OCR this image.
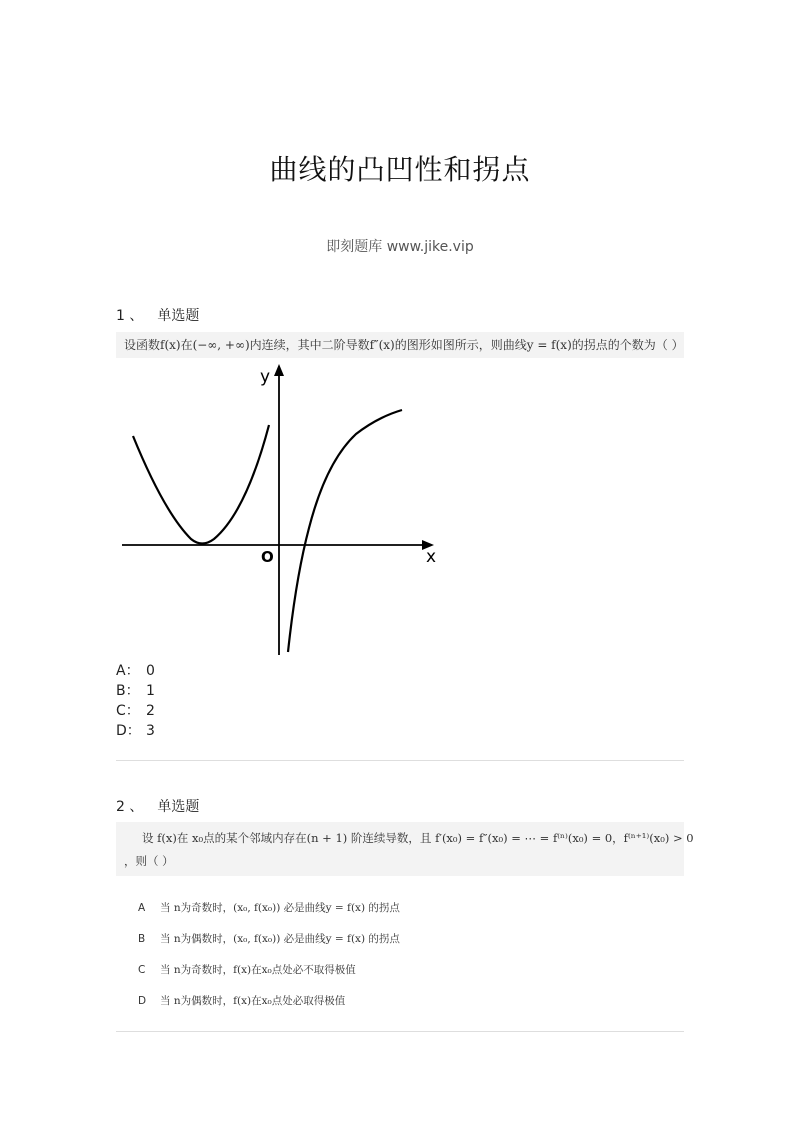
曲线的凸凹性和拐点
即刻题库 www.jike.vip
1 、 单选题
设函数f(x)在(−∞, +∞)内连续，其中二阶导数f″(x)的图形如图所示，则曲线y = f(x)的拐点的个数为（ ）
y
x
O
A： 0
B： 1
C： 2
D： 3
2 、 单选题
设 f(x)在 x₀点的某个邻域内存在(n + 1) 阶连续导数，且 f′(x₀) = f″(x₀) = ⋯ = f⁽ⁿ⁾(x₀) = 0，f⁽ⁿ⁺¹⁾(x₀) > 0
，则（ ）
A 当 n为奇数时，(x₀, f(x₀)) 必是曲线y = f(x) 的拐点
B 当 n为偶数时，(x₀, f(x₀)) 必是曲线y = f(x) 的拐点
C 当 n为奇数时，f(x)在x₀点处必不取得极值
D 当 n为偶数时，f(x)在x₀点处必取得极值
